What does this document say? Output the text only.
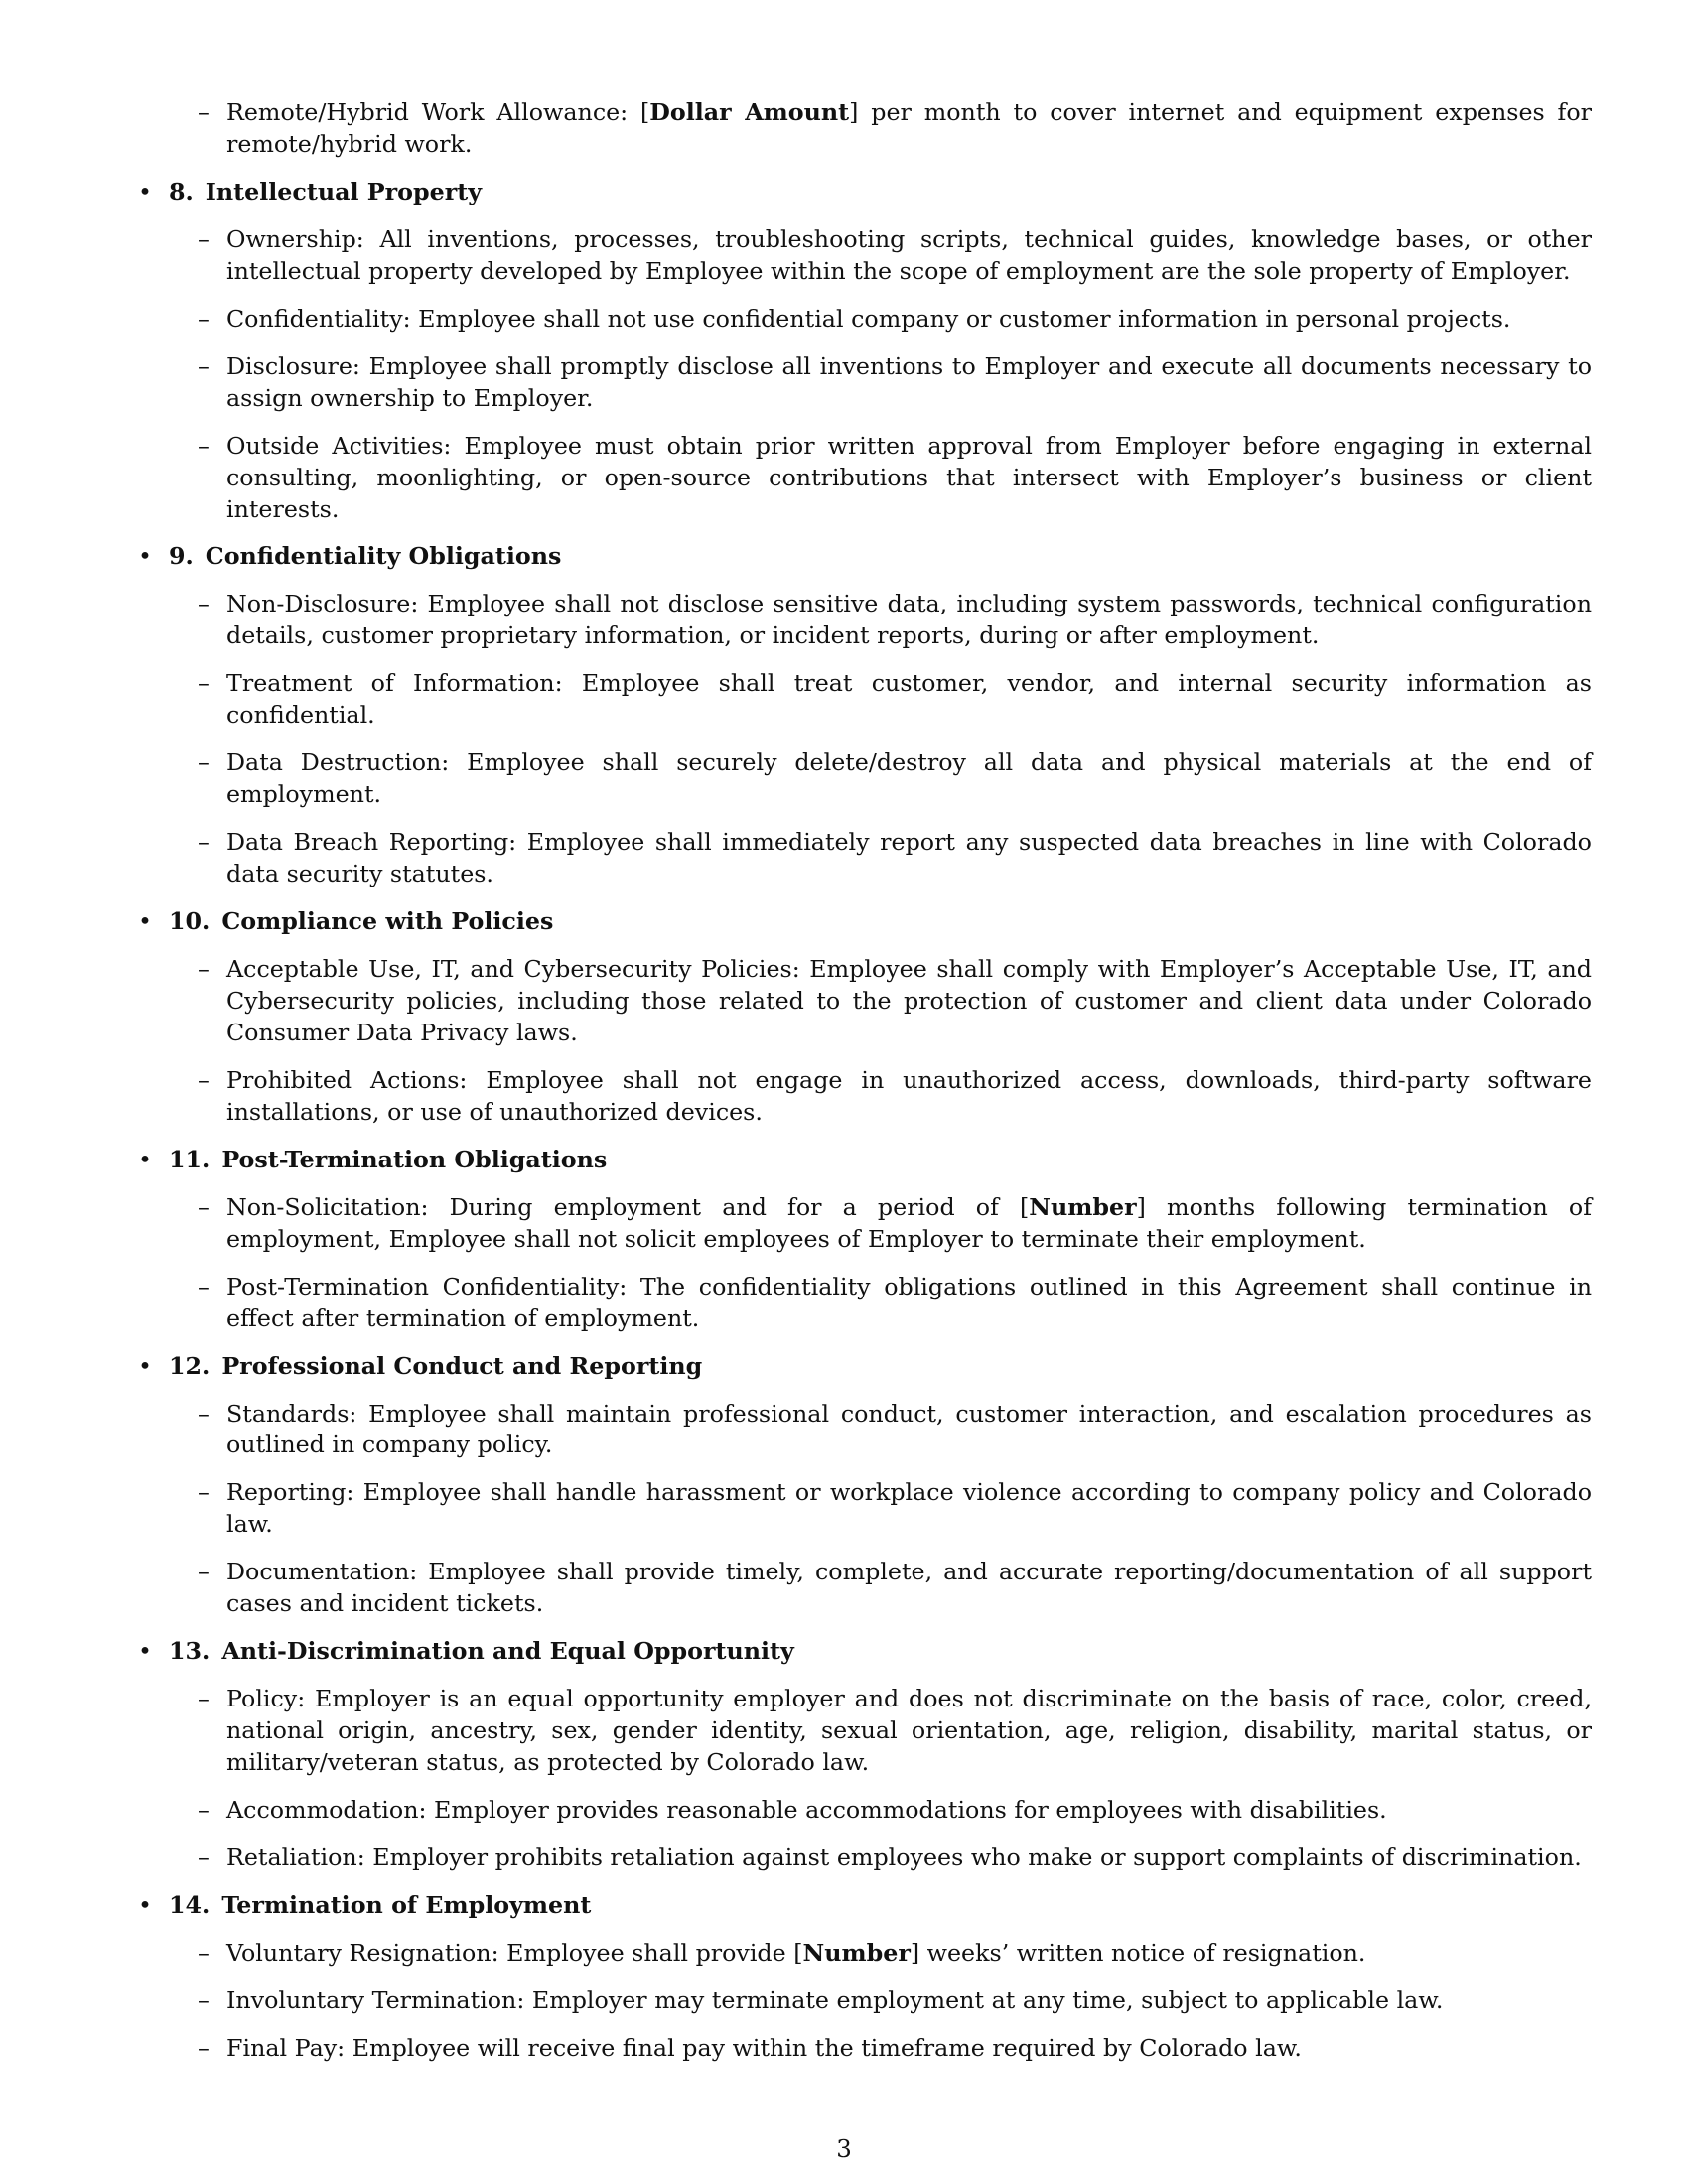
– Remote/Hybrid Work Allowance: [Dollar Amount] per month to cover internet and equipment expenses for remote/hybrid work.
• 8. Intellectual Property
– Ownership: All inventions, processes, troubleshooting scripts, technical guides, knowledge bases, or other intellectual property developed by Employee within the scope of employment are the sole property of Employer.
– Confidentiality: Employee shall not use confidential company or customer information in personal projects.
– Disclosure: Employee shall promptly disclose all inventions to Employer and execute all documents necessary to assign ownership to Employer.
– Outside Activities: Employee must obtain prior written approval from Employer before engaging in external consulting, moonlighting, or open-source contributions that intersect with Employer’s business or client interests.
• 9. Confidentiality Obligations
– Non-Disclosure: Employee shall not disclose sensitive data, including system passwords, technical configuration details, customer proprietary information, or incident reports, during or after employment.
– Treatment of Information: Employee shall treat customer, vendor, and internal security information as confidential.
– Data Destruction: Employee shall securely delete/destroy all data and physical materials at the end of employment.
– Data Breach Reporting: Employee shall immediately report any suspected data breaches in line with Colorado data security statutes.
• 10. Compliance with Policies
– Acceptable Use, IT, and Cybersecurity Policies: Employee shall comply with Employer’s Acceptable Use, IT, and Cybersecurity policies, including those related to the protection of customer and client data under Colorado Consumer Data Privacy laws.
– Prohibited Actions: Employee shall not engage in unauthorized access, downloads, third-party software installations, or use of unauthorized devices.
• 11. Post-Termination Obligations
– Non-Solicitation: During employment and for a period of [Number] months following termination of employment, Employee shall not solicit employees of Employer to terminate their employment.
– Post-Termination Confidentiality: The confidentiality obligations outlined in this Agreement shall continue in effect after termination of employment.
• 12. Professional Conduct and Reporting
– Standards: Employee shall maintain professional conduct, customer interaction, and escalation procedures as outlined in company policy.
– Reporting: Employee shall handle harassment or workplace violence according to company policy and Colorado law.
– Documentation: Employee shall provide timely, complete, and accurate reporting/documentation of all support cases and incident tickets.
• 13. Anti-Discrimination and Equal Opportunity
– Policy: Employer is an equal opportunity employer and does not discriminate on the basis of race, color, creed, national origin, ancestry, sex, gender identity, sexual orientation, age, religion, disability, marital status, or military/veteran status, as protected by Colorado law.
– Accommodation: Employer provides reasonable accommodations for employees with disabilities.
– Retaliation: Employer prohibits retaliation against employees who make or support complaints of discrimination.
• 14. Termination of Employment
– Voluntary Resignation: Employee shall provide [Number] weeks’ written notice of resignation.
– Involuntary Termination: Employer may terminate employment at any time, subject to applicable law.
– Final Pay: Employee will receive final pay within the timeframe required by Colorado law.
3
